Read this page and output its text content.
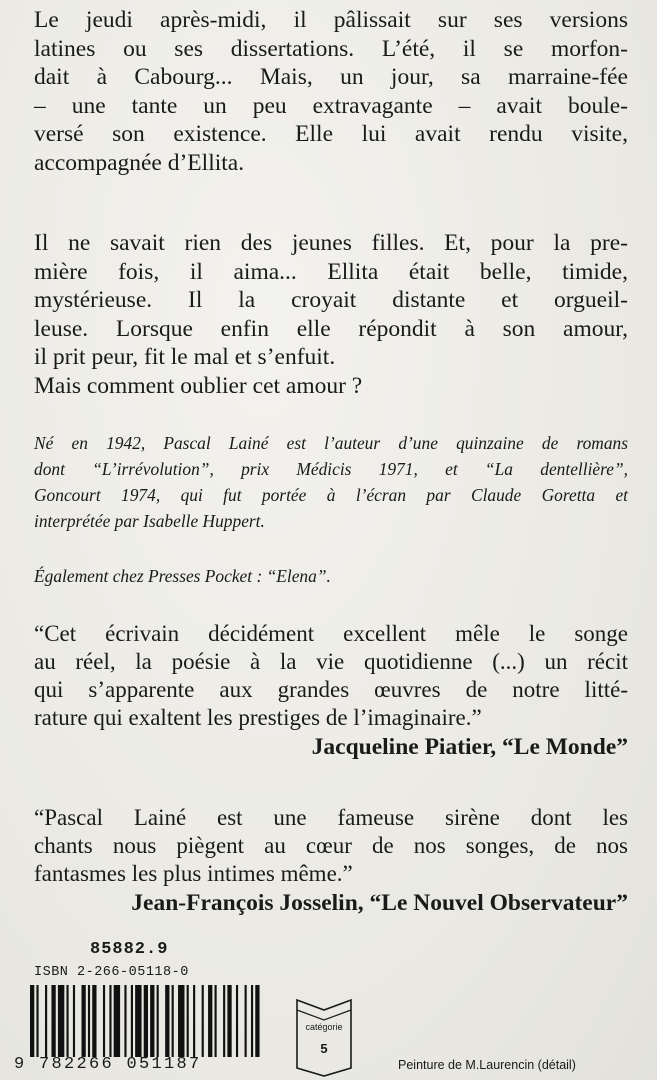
Le jeudi après-midi, il pâlissait sur ses versions
latines ou ses dissertations. L’été, il se morfon-
dait à Cabourg... Mais, un jour, sa marraine-fée
– une tante un peu extravagante – avait boule-
versé son existence. Elle lui avait rendu visite,
accompagnée d’Ellita.

Il ne savait rien des jeunes filles. Et, pour la pre-
mière fois, il aima... Ellita était belle, timide,
mystérieuse. Il la croyait distante et orgueil-
leuse. Lorsque enfin elle répondit à son amour,
il prit peur, fit le mal et s’enfuit.
Mais comment oublier cet amour ?

Né en 1942, Pascal Lainé est l’auteur d’une quinzaine de romans
dont “L’irrévolution”, prix Médicis 1971, et “La dentellière”,
Goncourt 1974, qui fut portée à l’écran par Claude Goretta et
interprétée par Isabelle Huppert.
Également chez Presses Pocket : “Elena”.
“Cet écrivain décidément excellent mêle le songe
au réel, la poésie à la vie quotidienne (...) un récit
qui s’apparente aux grandes œuvres de notre litté-
rature qui exaltent les prestiges de l’imaginaire.”
Jacqueline Piatier, “Le Monde”
“Pascal Lainé est une fameuse sirène dont les
chants nous piègent au cœur de nos songes, de nos
fantasmes les plus intimes même.”
Jean-François Josselin, “Le Nouvel Observateur”
85882.9
ISBN 2-266-05118-0
9 782266 051187
catégorie
5
Peinture de M.Laurencin (détail)
